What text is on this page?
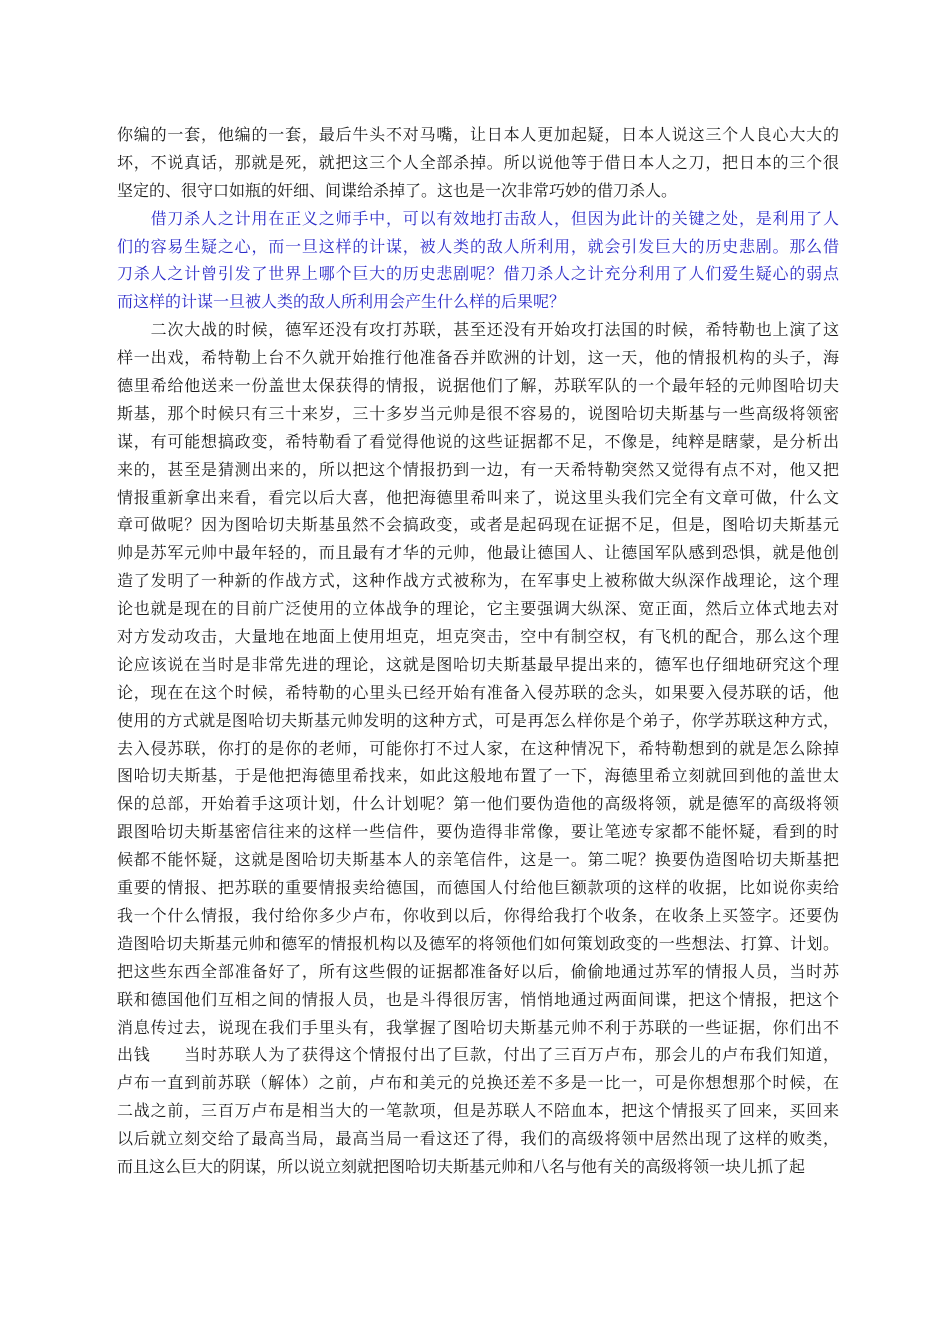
你编的一套，他编的一套，最后牛头不对马嘴，让日本人更加起疑，日本人说这三个人良心大大的
坏，不说真话，那就是死，就把这三个人全部杀掉。所以说他等于借日本人之刀，把日本的三个很
坚定的、很守口如瓶的奸细、间谍给杀掉了。这也是一次非常巧妙的借刀杀人。
　　借刀杀人之计用在正义之师手中，可以有效地打击敌人，但因为此计的关键之处，是利用了人
们的容易生疑之心，而一旦这样的计谋，被人类的敌人所利用，就会引发巨大的历史悲剧。那么借
刀杀人之计曾引发了世界上哪个巨大的历史悲剧呢？借刀杀人之计充分利用了人们爱生疑心的弱点
而这样的计谋一旦被人类的敌人所利用会产生什么样的后果呢？
　　二次大战的时候，德军还没有攻打苏联，甚至还没有开始攻打法国的时候，希特勒也上演了这
样一出戏，希特勒上台不久就开始推行他准备吞并欧洲的计划，这一天，他的情报机构的头子，海
德里希给他送来一份盖世太保获得的情报，说据他们了解，苏联军队的一个最年轻的元帅图哈切夫
斯基，那个时候只有三十来岁，三十多岁当元帅是很不容易的，说图哈切夫斯基与一些高级将领密
谋，有可能想搞政变，希特勒看了看觉得他说的这些证据都不足，不像是，纯粹是瞎蒙，是分析出
来的，甚至是猜测出来的，所以把这个情报扔到一边，有一天希特勒突然又觉得有点不对，他又把
情报重新拿出来看，看完以后大喜，他把海德里希叫来了，说这里头我们完全有文章可做，什么文
章可做呢？因为图哈切夫斯基虽然不会搞政变，或者是起码现在证据不足，但是，图哈切夫斯基元
帅是苏军元帅中最年轻的，而且最有才华的元帅，他最让德国人、让德国军队感到恐惧，就是他创
造了发明了一种新的作战方式，这种作战方式被称为，在军事史上被称做大纵深作战理论，这个理
论也就是现在的目前广泛使用的立体战争的理论，它主要强调大纵深、宽正面，然后立体式地去对
对方发动攻击，大量地在地面上使用坦克，坦克突击，空中有制空权，有飞机的配合，那么这个理
论应该说在当时是非常先进的理论，这就是图哈切夫斯基最早提出来的，德军也仔细地研究这个理
论，现在在这个时候，希特勒的心里头已经开始有准备入侵苏联的念头，如果要入侵苏联的话，他
使用的方式就是图哈切夫斯基元帅发明的这种方式，可是再怎么样你是个弟子，你学苏联这种方式，
去入侵苏联，你打的是你的老师，可能你打不过人家，在这种情况下，希特勒想到的就是怎么除掉
图哈切夫斯基，于是他把海德里希找来，如此这般地布置了一下，海德里希立刻就回到他的盖世太
保的总部，开始着手这项计划，什么计划呢？第一他们要伪造他的高级将领，就是德军的高级将领
跟图哈切夫斯基密信往来的这样一些信件，要伪造得非常像，要让笔迹专家都不能怀疑，看到的时
候都不能怀疑，这就是图哈切夫斯基本人的亲笔信件，这是一。第二呢？换要伪造图哈切夫斯基把
重要的情报、把苏联的重要情报卖给德国，而德国人付给他巨额款项的这样的收据，比如说你卖给
我一个什么情报，我付给你多少卢布，你收到以后，你得给我打个收条，在收条上买签字。还要伪
造图哈切夫斯基元帅和德军的情报机构以及德军的将领他们如何策划政变的一些想法、打算、计划。
把这些东西全部准备好了，所有这些假的证据都准备好以后，偷偷地通过苏军的情报人员，当时苏
联和德国他们互相之间的情报人员，也是斗得很厉害，悄悄地通过两面间谍，把这个情报，把这个
消息传过去，说现在我们手里头有，我掌握了图哈切夫斯基元帅不利于苏联的一些证据，你们出不
出钱　　当时苏联人为了获得这个情报付出了巨款，付出了三百万卢布，那会儿的卢布我们知道，
卢布一直到前苏联（解体）之前，卢布和美元的兑换还差不多是一比一，可是你想想那个时候，在
二战之前，三百万卢布是相当大的一笔款项，但是苏联人不陪血本，把这个情报买了回来，买回来
以后就立刻交给了最高当局，最高当局一看这还了得，我们的高级将领中居然出现了这样的败类，
而且这么巨大的阴谋，所以说立刻就把图哈切夫斯基元帅和八名与他有关的高级将领一块儿抓了起
